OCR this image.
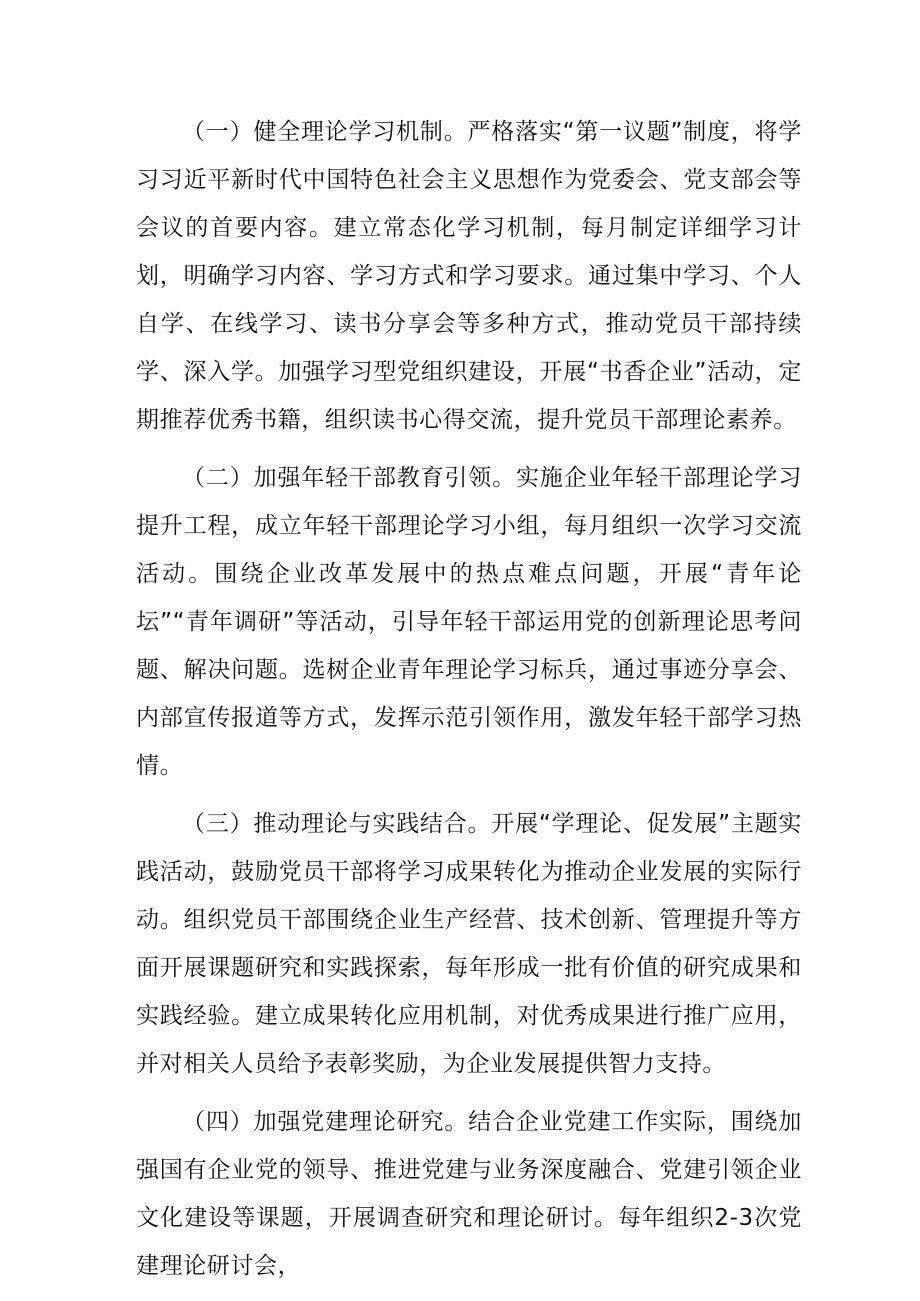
（一）健全理论学习机制。严格落实“第一议题”制度，将学习习近平新时代中国特色社会主义思想作为党委会、党支部会等会议的首要内容。建立常态化学习机制，每月制定详细学习计划，明确学习内容、学习方式和学习要求。通过集中学习、个人自学、在线学习、读书分享会等多种方式，推动党员干部持续学、深入学。加强学习型党组织建设，开展“书香企业”活动，定期推荐优秀书籍，组织读书心得交流，提升党员干部理论素养。

（二）加强年轻干部教育引领。实施企业年轻干部理论学习提升工程，成立年轻干部理论学习小组，每月组织一次学习交流活动。围绕企业改革发展中的热点难点问题，开展“青年论坛”“青年调研”等活动，引导年轻干部运用党的创新理论思考问题、解决问题。选树企业青年理论学习标兵，通过事迹分享会、内部宣传报道等方式，发挥示范引领作用，激发年轻干部学习热情。

（三）推动理论与实践结合。开展“学理论、促发展”主题实践活动，鼓励党员干部将学习成果转化为推动企业发展的实际行动。组织党员干部围绕企业生产经营、技术创新、管理提升等方面开展课题研究和实践探索，每年形成一批有价值的研究成果和实践经验。建立成果转化应用机制，对优秀成果进行推广应用，并对相关人员给予表彰奖励，为企业发展提供智力支持。

（四）加强党建理论研究。结合企业党建工作实际，围绕加强国有企业党的领导、推进党建与业务深度融合、党建引领企业文化建设等课题，开展调查研究和理论研讨。每年组织2-3次党建理论研讨会，
